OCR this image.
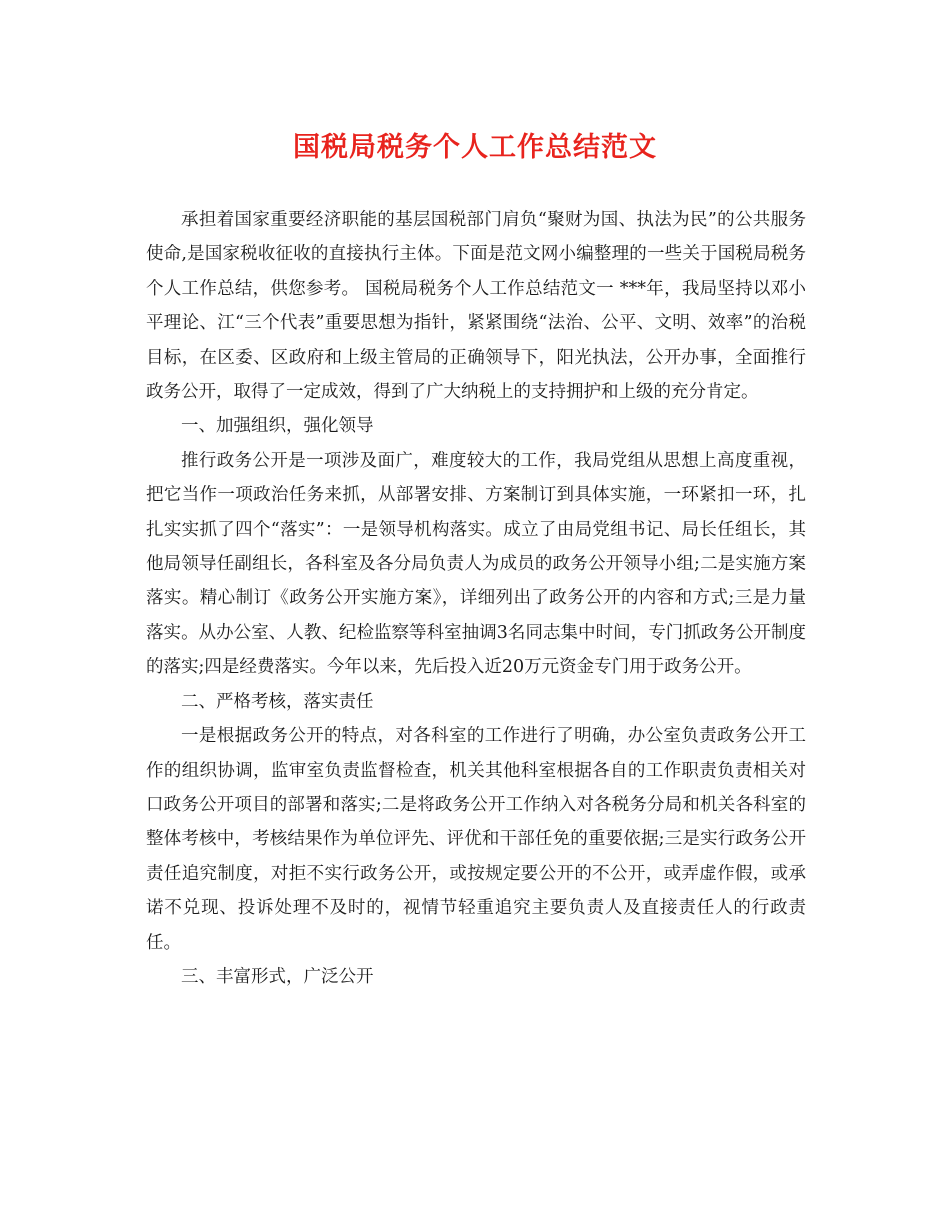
国税局税务个人工作总结范文

承担着国家重要经济职能的基层国税部门肩负“聚财为国、执法为民”的公共服务使命,是国家税收征收的直接执行主体。下面是范文网小编整理的一些关于国税局税务个人工作总结，供您参考。 国税局税务个人工作总结范文一 ***年，我局坚持以邓小平理论、江“三个代表”重要思想为指针，紧紧围绕“法治、公平、文明、效率”的治税目标，在区委、区政府和上级主管局的正确领导下，阳光执法，公开办事，全面推行政务公开，取得了一定成效，得到了广大纳税上的支持拥护和上级的充分肯定。

一、加强组织，强化领导

推行政务公开是一项涉及面广，难度较大的工作，我局党组从思想上高度重视，把它当作一项政治任务来抓，从部署安排、方案制订到具体实施，一环紧扣一环，扎扎实实抓了四个“落实”：一是领导机构落实。成立了由局党组书记、局长任组长，其他局领导任副组长，各科室及各分局负责人为成员的政务公开领导小组;二是实施方案落实。精心制订《政务公开实施方案》，详细列出了政务公开的内容和方式;三是力量落实。从办公室、人教、纪检监察等科室抽调3名同志集中时间，专门抓政务公开制度的落实;四是经费落实。今年以来，先后投入近20万元资金专门用于政务公开。

二、严格考核，落实责任

一是根据政务公开的特点，对各科室的工作进行了明确，办公室负责政务公开工作的组织协调，监审室负责监督检查，机关其他科室根据各自的工作职责负责相关对口政务公开项目的部署和落实;二是将政务公开工作纳入对各税务分局和机关各科室的整体考核中，考核结果作为单位评先、评优和干部任免的重要依据;三是实行政务公开责任追究制度，对拒不实行政务公开，或按规定要公开的不公开，或弄虚作假，或承诺不兑现、投诉处理不及时的，视情节轻重追究主要负责人及直接责任人的行政责任。

三、丰富形式，广泛公开
